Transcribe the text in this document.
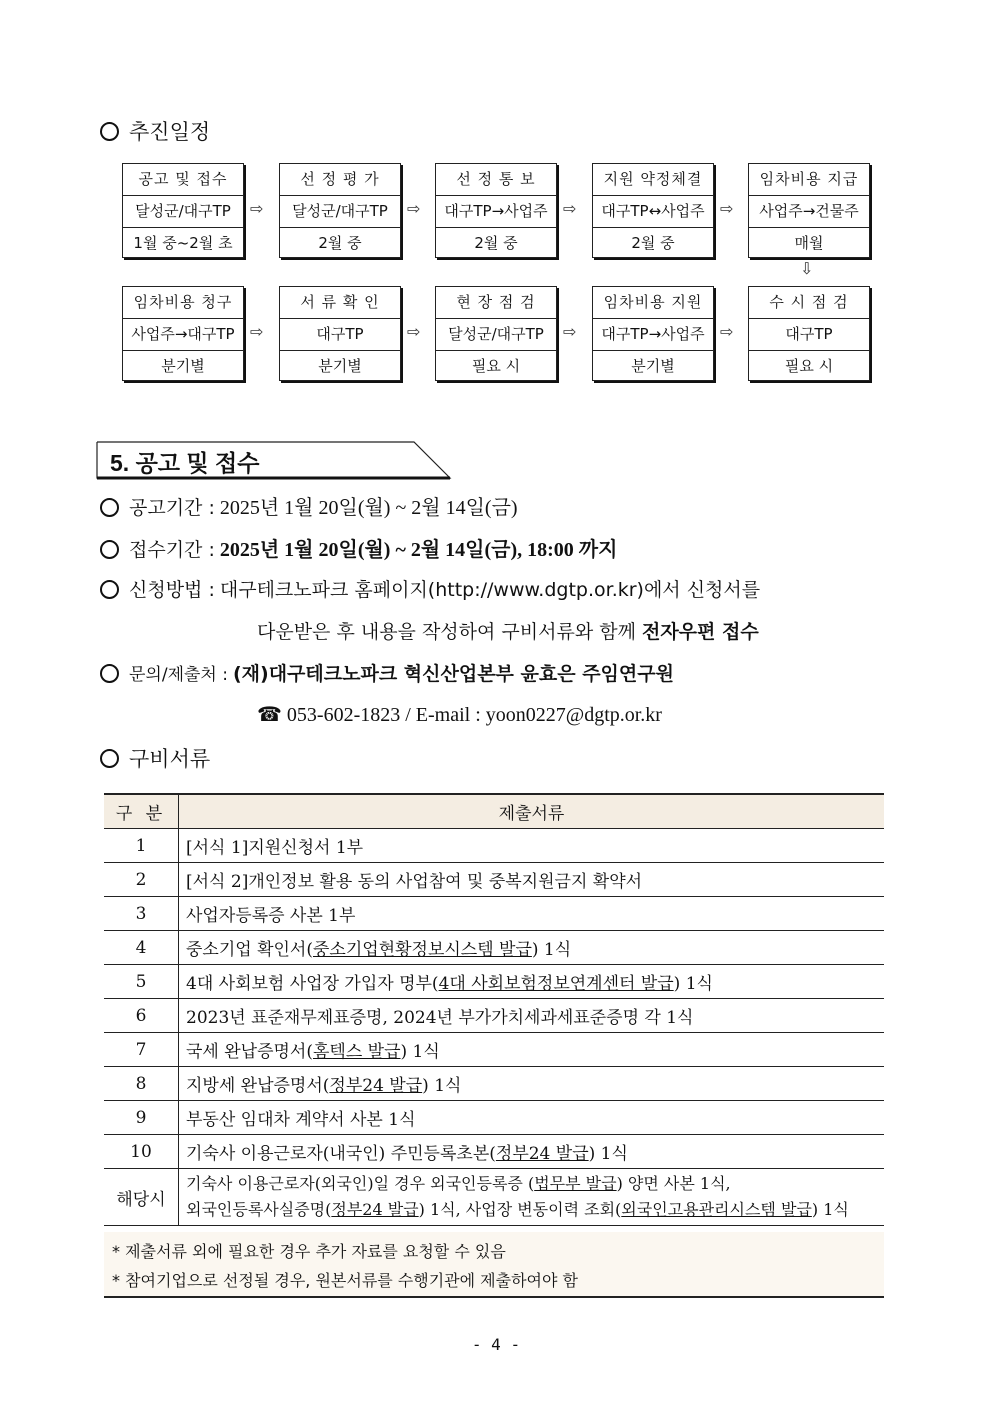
추진일정
공고 및 접수
달성군/대구TP
1월 중~2월 초
⇨
선 정 평 가
달성군/대구TP
2월 중
⇨
선 정 통 보
대구TP→사업주
2월 중
⇨
지원 약정체결
대구TP↔사업주
2월 중
⇨
임차비용 지급
사업주→건물주
매월
임차비용 청구
사업주→대구TP
분기별
⇨
서 류 확 인
대구TP
분기별
⇨
현 장 점 검
달성군/대구TP
필요 시
⇨
임차비용 지원
대구TP→사업주
분기별
⇨
수 시 점 검
대구TP
필요 시
⇩
5. 공고 및 접수
공고기간 : 2025년 1월 20일(월) ~ 2월 14일(금)
접수기간 : 2025년 1월 20일(월) ~ 2월 14일(금), 18:00 까지
신청방법 : 대구테크노파크 홈페이지(http://www.dgtp.or.kr)에서 신청서를
다운받은 후 내용을 작성하여 구비서류와 함께 전자우편 접수
문의/제출처 : (재)대구테크노파크 혁신산업본부 윤효은 주임연구원
☎ 053-602-1823 / E-mail : yoon0227@dgtp.or.kr
구비서류
구 분	제출서류
1	[서식 1]지원신청서 1부
2	[서식 2]개인정보 활용 동의 사업참여 및 중복지원금지 확약서
3	사업자등록증 사본 1부
4	중소기업 확인서(중소기업현황정보시스템 발급) 1식
5	4대 사회보험 사업장 가입자 명부(4대 사회보험정보연계센터 발급) 1식
6	2023년 표준재무제표증명, 2024년 부가가치세과세표준증명 각 1식
7	국세 완납증명서(홈텍스 발급) 1식
8	지방세 완납증명서(정부24 발급) 1식
9	부동산 임대차 계약서 사본 1식
10	기숙사 이용근로자(내국인) 주민등록초본(정부24 발급) 1식
해당시	기숙사 이용근로자(외국인)일 경우 외국인등록증 (법무부 발급) 양면 사본 1식,
외국인등록사실증명(정부24 발급) 1식, 사업장 변동이력 조회(외국인고용관리시스템 발급) 1식
* 제출서류 외에 필요한 경우 추가 자료를 요청할 수 있음
* 참여기업으로 선정될 경우, 원본서류를 수행기관에 제출하여야 함
- 4 -
